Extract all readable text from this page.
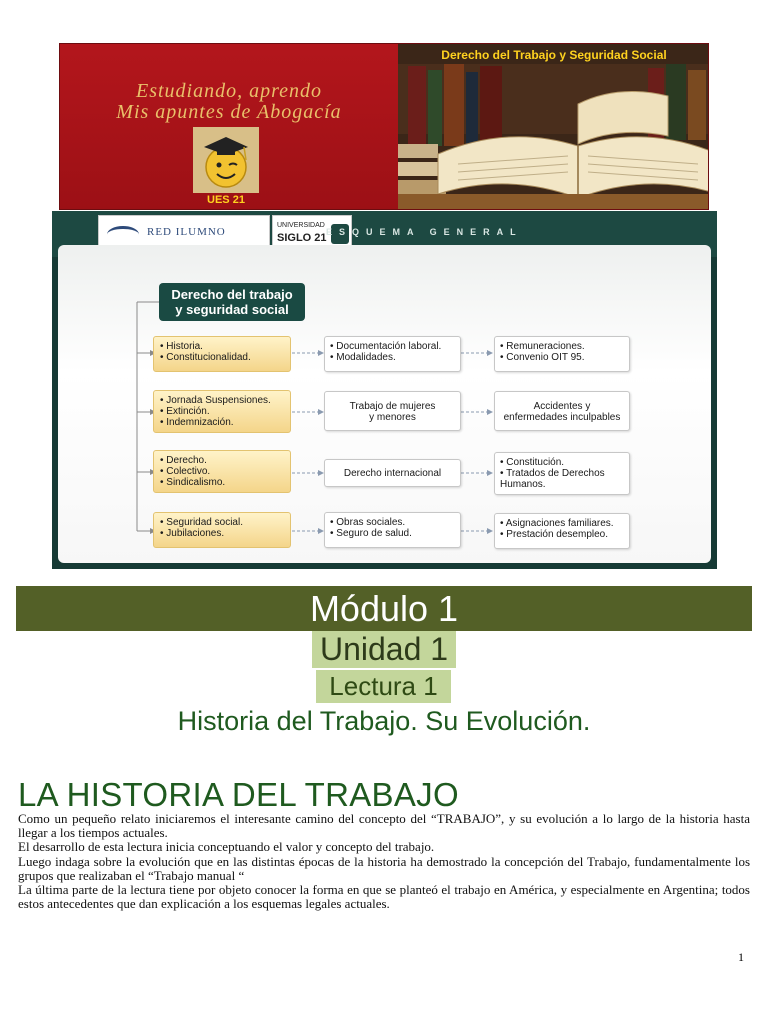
Estudiando, aprendo
Mis apuntes de Abogacía
UES 21
Derecho del Trabajo y Seguridad Social
RED ILUMNO
UNIVERSIDAD
SIGLO 21 ESQUEMA GENERAL
Derecho del trabajo
y seguridad social
• Historia.
• Constitucionalidad.
• Documentación laboral.
• Modalidades.
• Remuneraciones.
• Convenio OIT 95.
• Jornada Suspensiones.
• Extinción.
• Indemnización.
Trabajo de mujeres
y menores
Accidentes y
enfermedades inculpables
• Derecho.
• Colectivo.
• Sindicalismo.
Derecho internacional
• Constitución.
• Tratados de Derechos
Humanos.
• Seguridad social.
• Jubilaciones.
• Obras sociales.
• Seguro de salud.
• Asignaciones familiares.
• Prestación desempleo.
Módulo 1
Unidad 1
Lectura 1
Historia del Trabajo. Su Evolución.
LA HISTORIA DEL TRABAJO

Como un pequeño relato iniciaremos el interesante camino del concepto del “TRABAJO”, y su evolución a lo largo de la historia hasta llegar a los tiempos actuales.

El desarrollo de esta lectura inicia conceptuando el valor y concepto del trabajo.

Luego indaga sobre la evolución que en las distintas épocas de la historia ha demostrado la concepción del Trabajo, fundamentalmente los grupos que realizaban el “Trabajo manual “

La última parte de la lectura tiene por objeto conocer la forma en que se planteó el trabajo en América, y especialmente en Argentina; todos estos antecedentes que dan explicación a los esquemas legales actuales.

1
